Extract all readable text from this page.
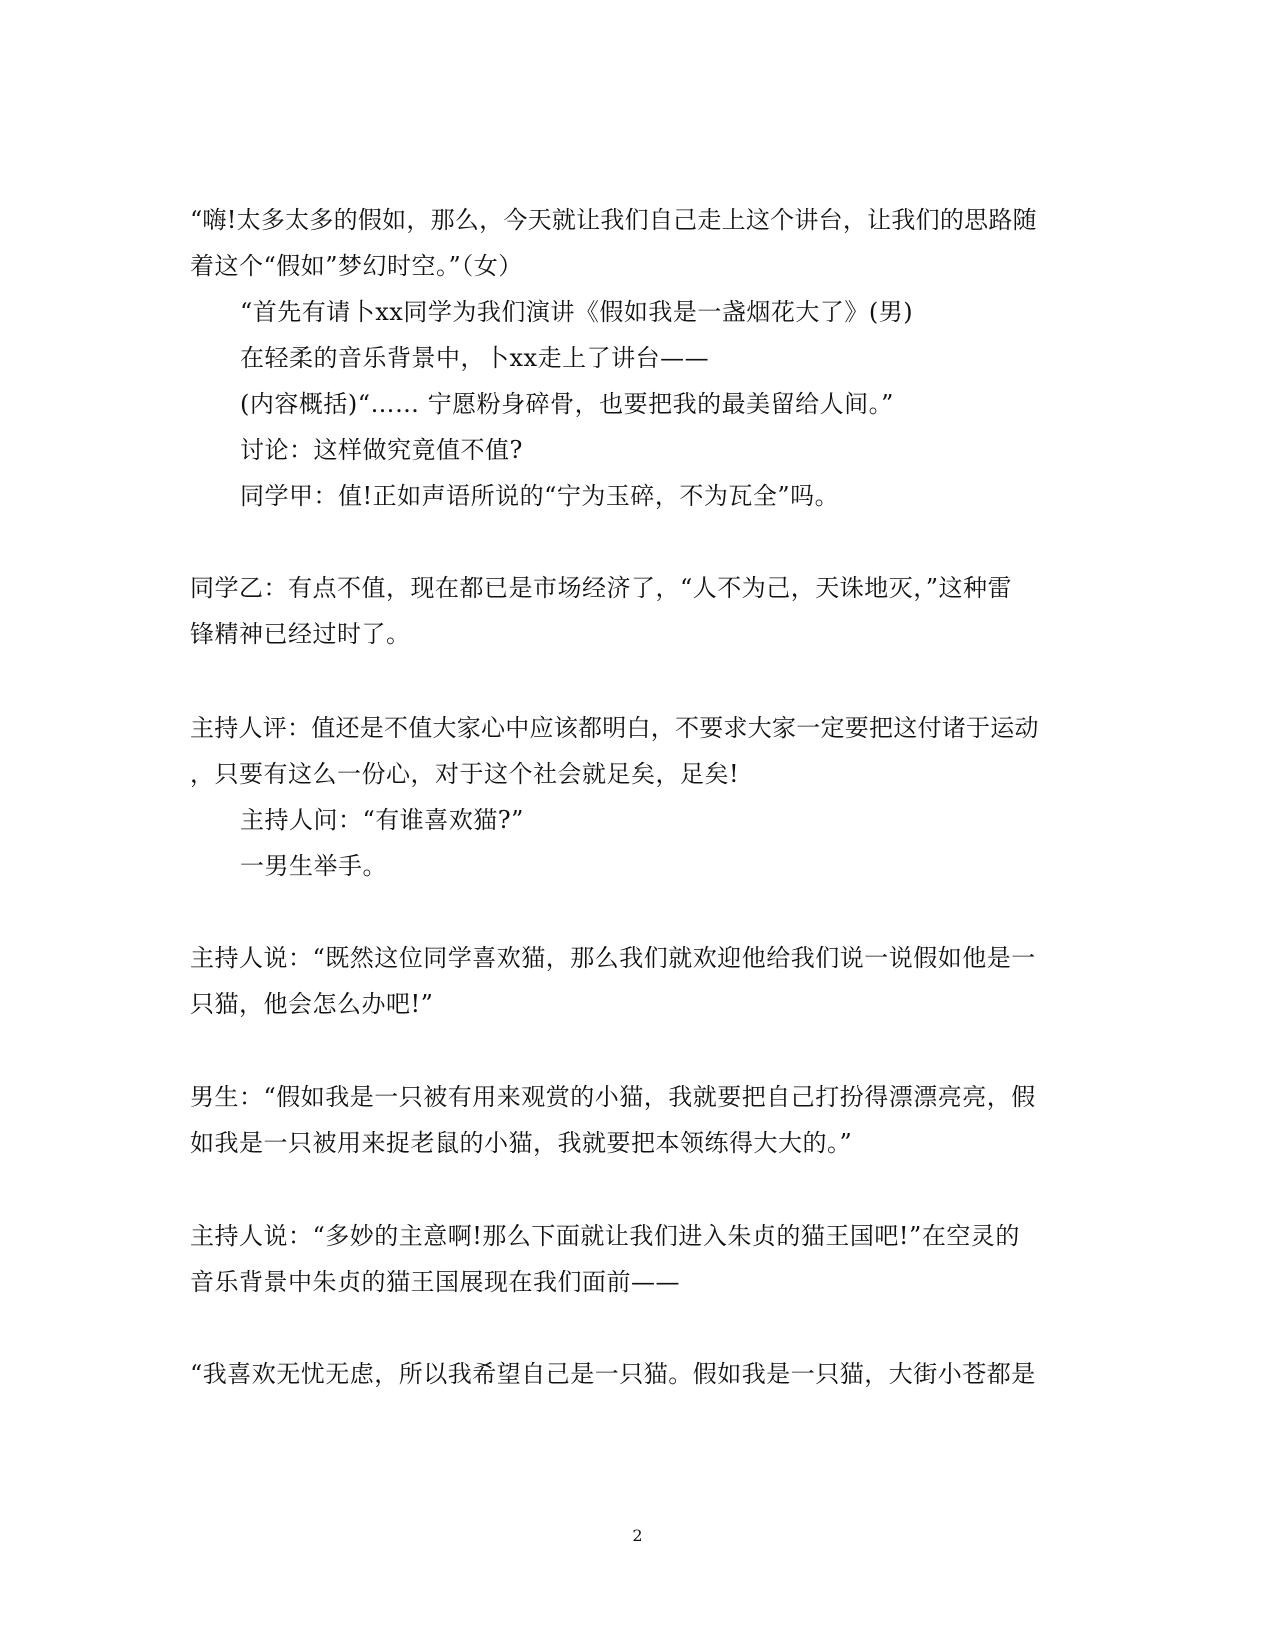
“嗨!太多太多的假如，那么，今天就让我们自己走上这个讲台，让我们的思路随
着这个“假如”梦幻时空。”（女）
“首先有请卜xx同学为我们演讲《假如我是一盏烟花大了》(男)
在轻柔的音乐背景中，卜xx走上了讲台——
(内容概括)“…… 宁愿粉身碎骨，也要把我的最美留给人间。”
讨论：这样做究竟值不值?
同学甲：值!正如声语所说的“宁为玉碎，不为瓦全”吗。
同学乙：有点不值，现在都已是市场经济了，“人不为己，天诛地灭，”这种雷
锋精神已经过时了。
主持人评：值还是不值大家心中应该都明白，不要求大家一定要把这付诸于运动
，只要有这么一份心，对于这个社会就足矣，足矣!
主持人问：“有谁喜欢猫?”
一男生举手。
主持人说：“既然这位同学喜欢猫，那么我们就欢迎他给我们说一说假如他是一
只猫，他会怎么办吧!”
男生：“假如我是一只被有用来观赏的小猫，我就要把自己打扮得漂漂亮亮，假
如我是一只被用来捉老鼠的小猫，我就要把本领练得大大的。”
主持人说：“多妙的主意啊!那么下面就让我们进入朱贞的猫王国吧!”在空灵的
音乐背景中朱贞的猫王国展现在我们面前——
“我喜欢无忧无虑，所以我希望自己是一只猫。假如我是一只猫，大街小苍都是
2
